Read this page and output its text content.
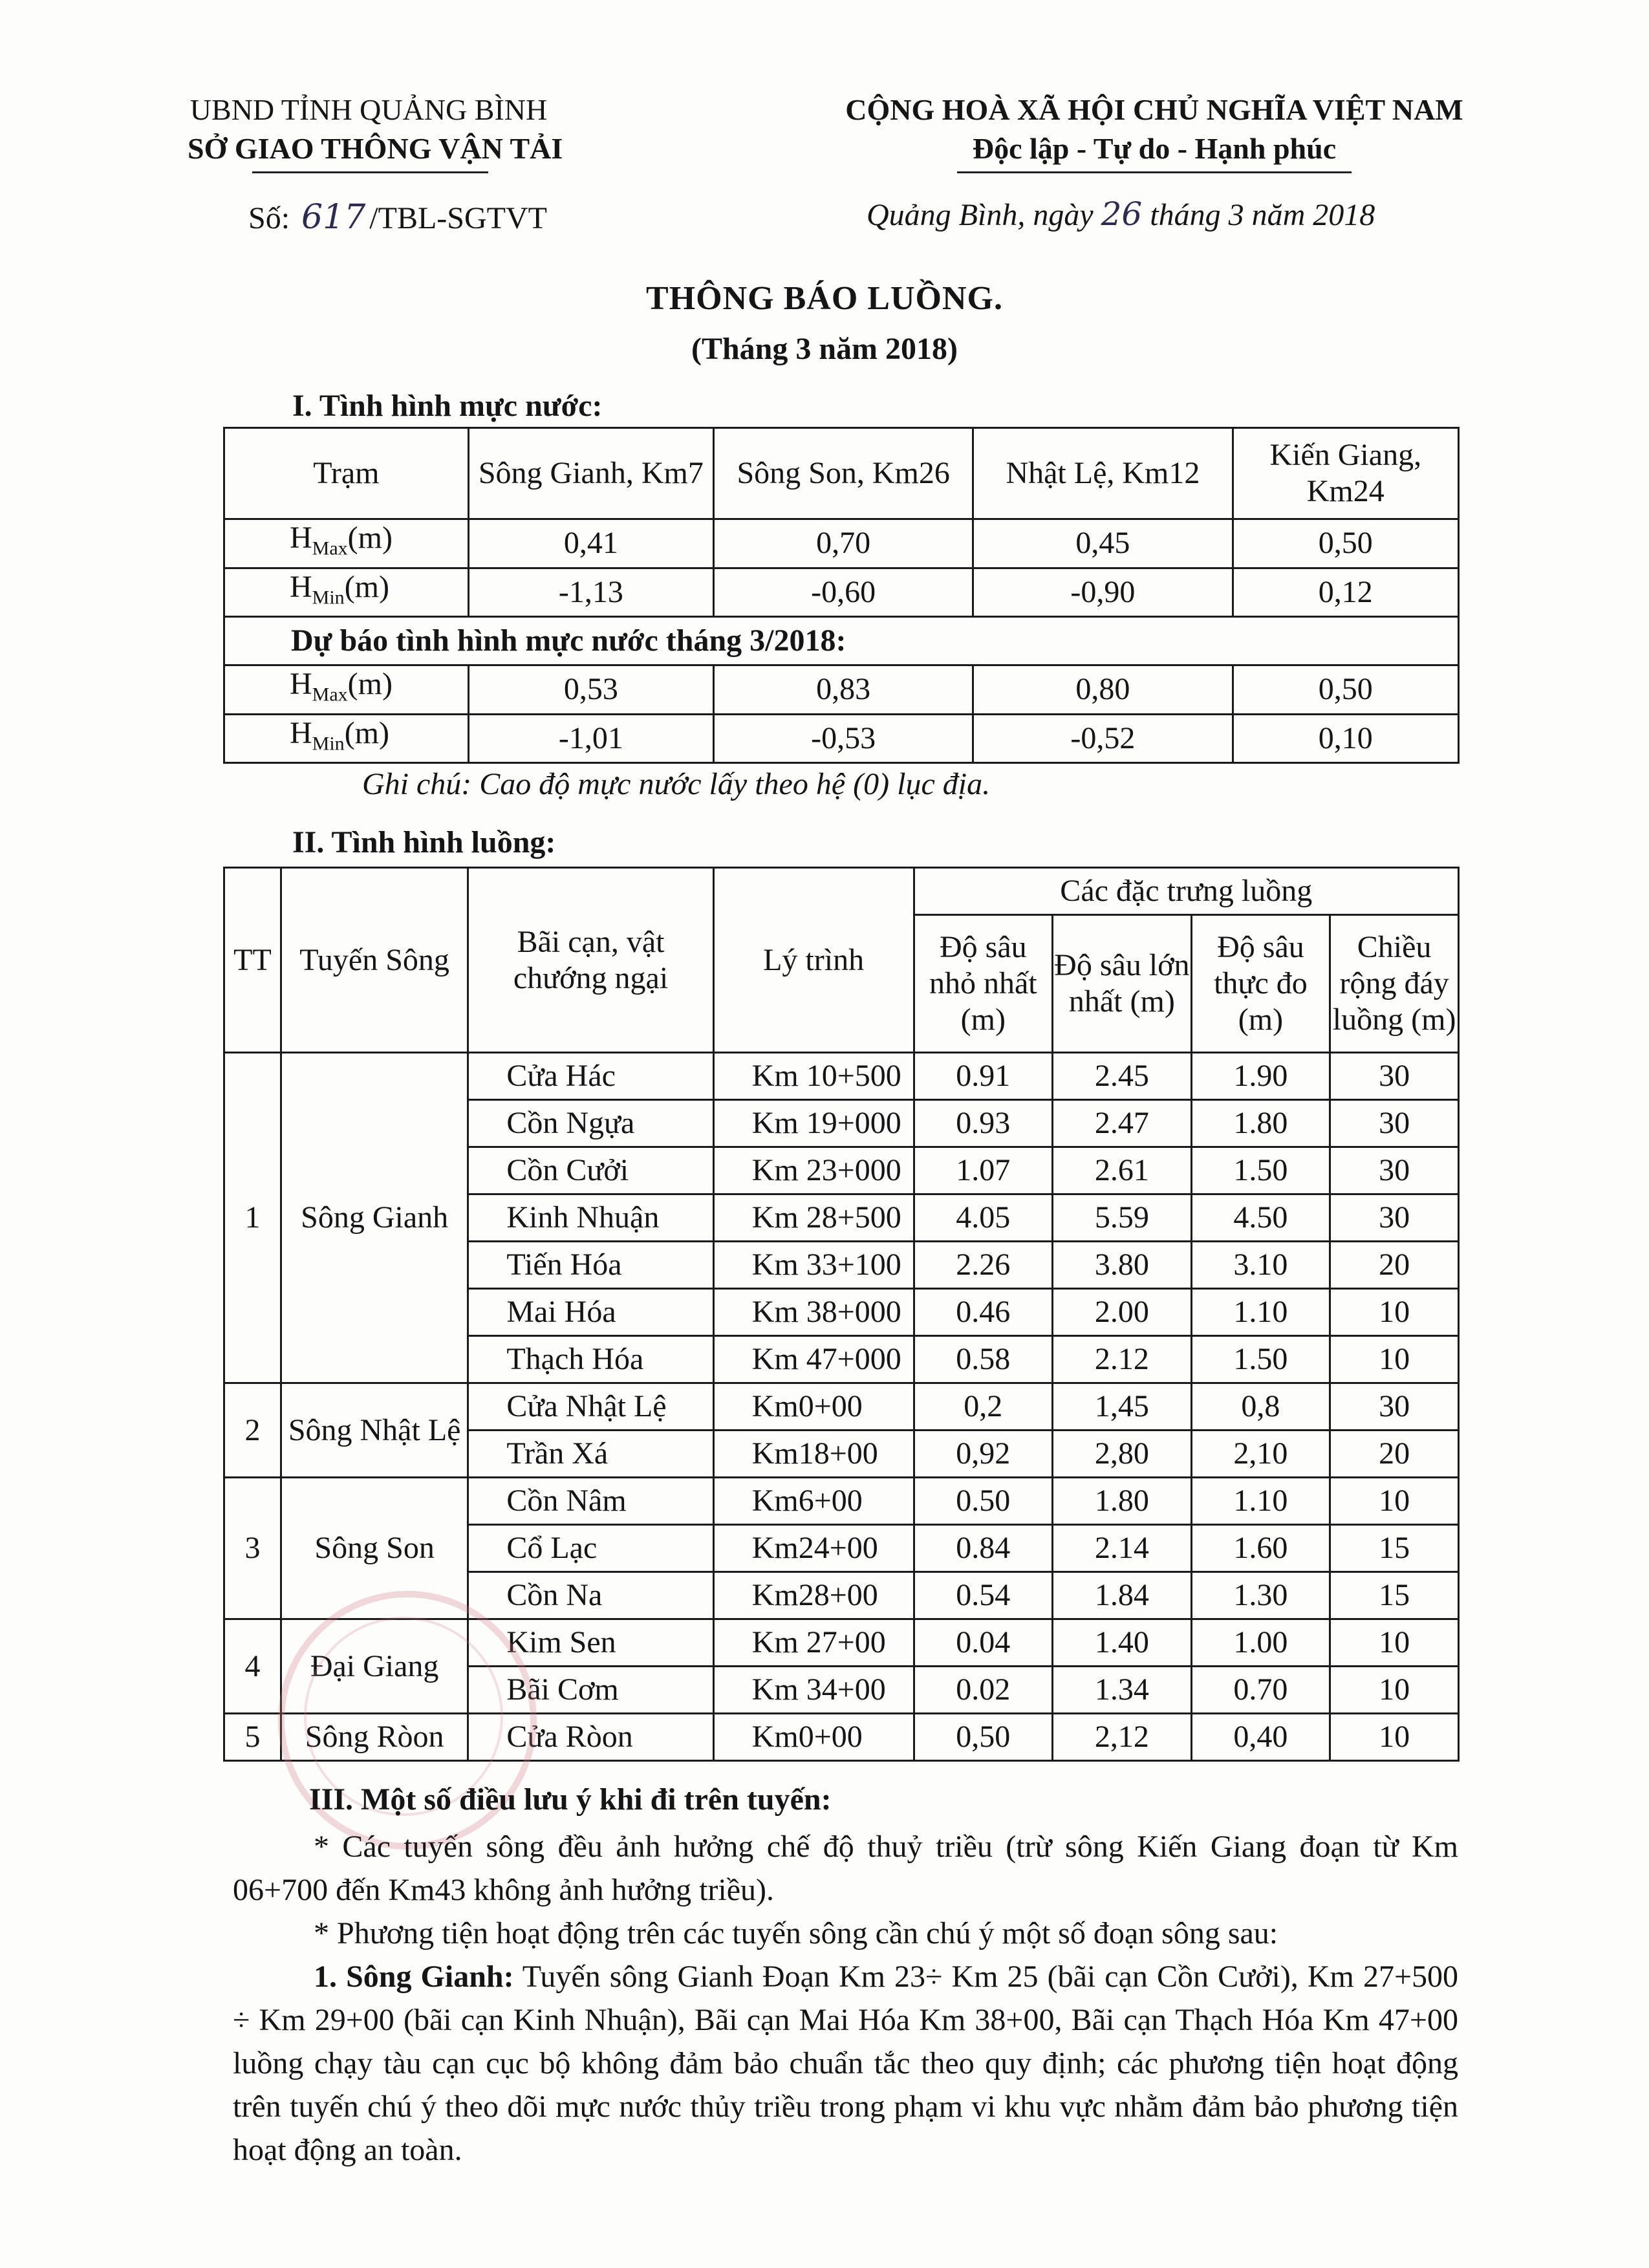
UBND TỈNH QUẢNG BÌNH
SỞ GIAO THÔNG VẬN TẢI
Số: 617 /TBL-SGTVT
CỘNG HOÀ XÃ HỘI CHỦ NGHĨA VIỆT NAM
Độc lập - Tự do - Hạnh phúc
Quảng Bình, ngày 26 tháng 3 năm 2018
THÔNG BÁO LUỒNG.
(Tháng 3 năm 2018)
I. Tình hình mực nước:
Trạm	Sông Gianh, Km7	Sông Son, Km26	Nhật Lệ, Km12	Kiến Giang, Km24
$H_{Max}(m)$	0,41	0,70	0,45	0,50
$H_{Min}(m)$	-1,13	-0,60	-0,90	0,12
Dự báo tình hình mực nước tháng 3/2018:				
$H_{Max}(m)$	0,53	0,83	0,80	0,50
$H_{Min}(m)$	-1,01	-0,53	-0,52	0,10
Ghi chú: Cao độ mực nước lấy theo hệ (0) lục địa.
II. Tình hình luồng:
TT	Tuyến Sông	Bãi cạn, vật chướng ngại	Lý trình	Các đặc trưng luồng			
				Độ sâu nhỏ nhất (m)	Độ sâu lớn nhất (m)	Độ sâu thực đo (m)	Chiều rộng đáy luồng (m)
1	Sông Gianh	Cửa Hác	Km 10+500	0.91	2.45	1.90	30
		Cồn Ngựa	Km 19+000	0.93	2.47	1.80	30
		Cồn Cưởi	Km 23+000	1.07	2.61	1.50	30
		Kinh Nhuận	Km 28+500	4.05	5.59	4.50	30
		Tiến Hóa	Km 33+100	2.26	3.80	3.10	20
		Mai Hóa	Km 38+000	0.46	2.00	1.10	10
		Thạch Hóa	Km 47+000	0.58	2.12	1.50	10
2	Sông Nhật Lệ	Cửa Nhật Lệ	Km0+00	0,2	1,45	0,8	30
		Trần Xá	Km18+00	0,92	2,80	2,10	20
3	Sông Son	Cồn Nâm	Km6+00	0.50	1.80	1.10	10
		Cổ Lạc	Km24+00	0.84	2.14	1.60	15
		Cồn Na	Km28+00	0.54	1.84	1.30	15
4	Đại Giang	Kim Sen	Km 27+00	0.04	1.40	1.00	10
		Bãi Cơm	Km 34+00	0.02	1.34	0.70	10
5	Sông Ròon	Cửa Ròon	Km0+00	0,50	2,12	0,40	10
III. Một số điều lưu ý khi đi trên tuyến:

* Các tuyến sông đều ảnh hưởng chế độ thuỷ triều (trừ sông Kiến Giang đoạn từ Km 06+700 đến Km43 không ảnh hưởng triều).

* Phương tiện hoạt động trên các tuyến sông cần chú ý một số đoạn sông sau:

1. Sông Gianh: Tuyến sông Gianh Đoạn Km 23÷ Km 25 (bãi cạn Cồn Cưởi), Km 27+500 ÷ Km 29+00 (bãi cạn Kinh Nhuận), Bãi cạn Mai Hóa Km 38+00, Bãi cạn Thạch Hóa Km 47+00 luồng chạy tàu cạn cục bộ không đảm bảo chuẩn tắc theo quy định; các phương tiện hoạt động trên tuyến chú ý theo dõi mực nước thủy triều trong phạm vi khu vực nhằm đảm bảo phương tiện hoạt động an toàn.
